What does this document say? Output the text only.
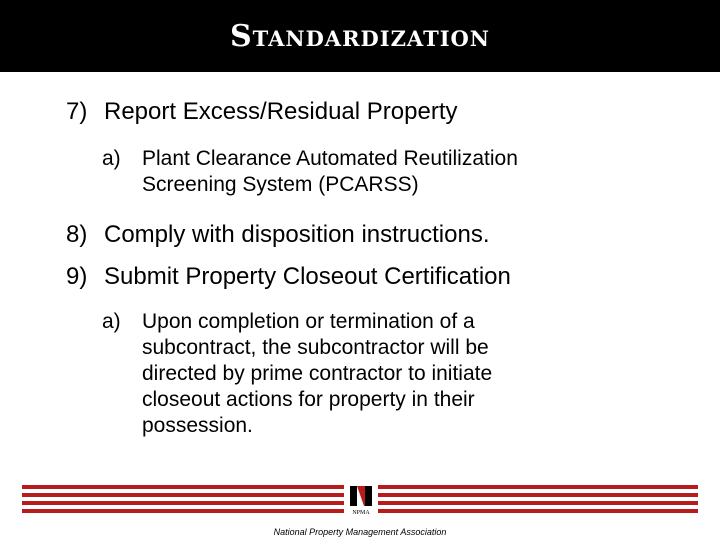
Standardization
7) Report Excess/Residual Property
a)	Plant Clearance Automated Reutilization Screening System (PCARSS)
8) Comply with disposition instructions.
9) Submit Property Closeout Certification
a)	Upon completion or termination of a subcontract, the subcontractor will be directed by prime contractor to initiate closeout actions for property in their possession.
NPMA
National Property Management Association
